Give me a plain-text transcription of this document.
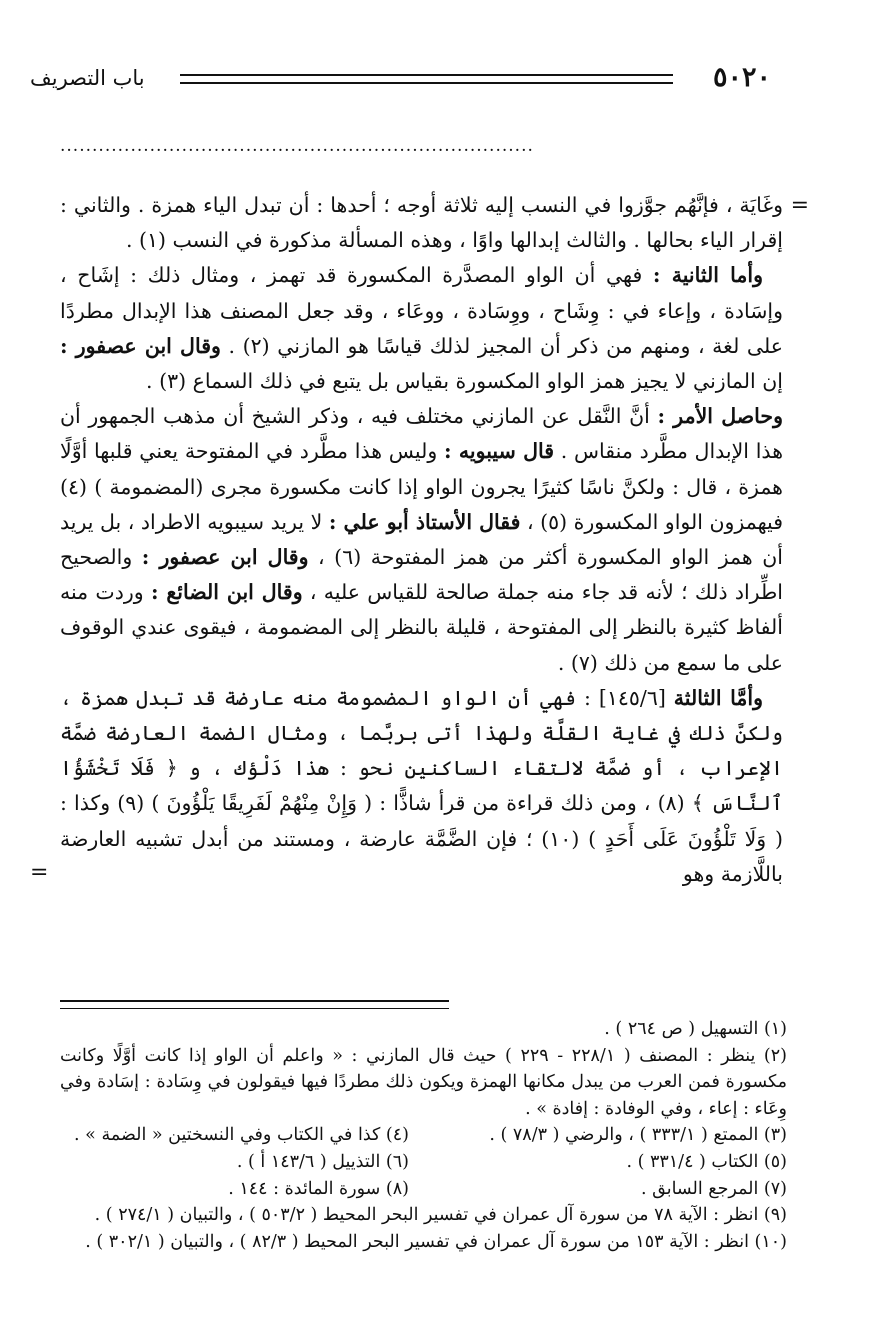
٥٠٢٠
باب التصريف
..........................................................................
=

وغَايَة ، فإنَّهُم جوَّزوا في النسب إليه ثلاثة أوجه ؛ أحدها : أن تبدل الياء همزة . والثاني : إقرار الياء بحالها . والثالث إبدالها واوًا ، وهذه المسألة مذكورة في النسب (١) .

وأما الثانية : فهي أن الواو المصدَّرة المكسورة قد تهمز ، ومثال ذلك : إشَاح ، وإسَادة ، وإعاء في : وِشَاح ، ووِسَادة ، ووعَاء ، وقد جعل المصنف هذا الإبدال مطردًا على لغة ، ومنهم من ذكر أن المجيز لذلك قياسًا هو المازني (٢) . وقال ابن عصفور : إن المازني لا يجيز همز الواو المكسورة بقياس بل يتبع في ذلك السماع (٣) .

وحاصل الأمر : أنَّ النَّقل عن المازني مختلف فيه ، وذكر الشيخ أن مذهب الجمهور أن هذا الإبدال مطَّرد منقاس . قال سيبويه : وليس هذا مطَّرد في المفتوحة يعني قلبها أوَّلًا همزة ، قال : ولكنَّ ناسًا كثيرًا يجرون الواو إذا كانت مكسورة مجرى (المضمومة ) (٤) فيهمزون الواو المكسورة (٥) ، فقال الأستاذ أبو علي : لا يريد سيبويه الاطراد ، بل يريد أن همز الواو المكسورة أكثر من همز المفتوحة (٦) ، وقال ابن عصفور : والصحيح اطِّراد ذلك ؛ لأنه قد جاء منه جملة صالحة للقياس عليه ، وقال ابن الضائع : وردت منه ألفاظ كثيرة بالنظر إلى المفتوحة ، قليلة بالنظر إلى المضمومة ، فيقوى عندي الوقوف على ما سمع من ذلك (٧) .

وأمَّا الثالثة [١٤٥/٦] : فهي أن الواو المضمومة منه عارضة قد تبدل همزة ، ولكنَّ ذلك في غاية القلَّة ولهذا أتى بربَّما ، ومثال الضمة العارضة ضمَّة الإعراب ، أو ضمَّة لالتقاء الساكنين نحو : هذا دَلْؤك ، و ﴿ فَلَا تَخْشَؤُا ٱلنَّاسَ ﴾ (٨) ، ومن ذلك قراءة من قرأ شاذًّا : ( وَإِنْ مِنْهُمْ لَفَرِيقًا يَلْؤُونَ ) (٩) وكذا : ( وَلَا تَلْؤُونَ عَلَى أَحَدٍ ) (١٠) ؛ فإن الضَّمَّة عارضة ، ومستند من أبدل تشبيه العارضة باللَّازمة وهو
=

(١) التسهيل ( ص ٢٦٤ ) .

(٢) ينظر : المصنف ( ٢٢٨/١ - ٢٢٩ ) حيث قال المازني : « واعلم أن الواو إذا كانت أوَّلًا وكانت مكسورة فمن العرب من يبدل مكانها الهمزة ويكون ذلك مطردًا فيها فيقولون في وِسَادة : إسَادة وفي وِعَاء : إعاء ، وفي الوفادة : إفادة » .

(٣) الممتع ( ٣٣٣/١ ) ، والرضي ( ٧٨/٣ ) .

(٤) كذا في الكتاب وفي النسختين « الضمة » .

(٥) الكتاب ( ٣٣١/٤ ) .

(٦) التذييل ( ١٤٣/٦ أ ) .

(٧) المرجع السابق .

(٨) سورة المائدة : ١٤٤ .

(٩) انظر : الآية ٧٨ من سورة آل عمران في تفسير البحر المحيط ( ٥٠٣/٢ ) ، والتبيان ( ٢٧٤/١ ) .

(١٠) انظر : الآية ١٥٣ من سورة آل عمران في تفسير البحر المحيط ( ٨٢/٣ ) ، والتبيان ( ٣٠٢/١ ) .
